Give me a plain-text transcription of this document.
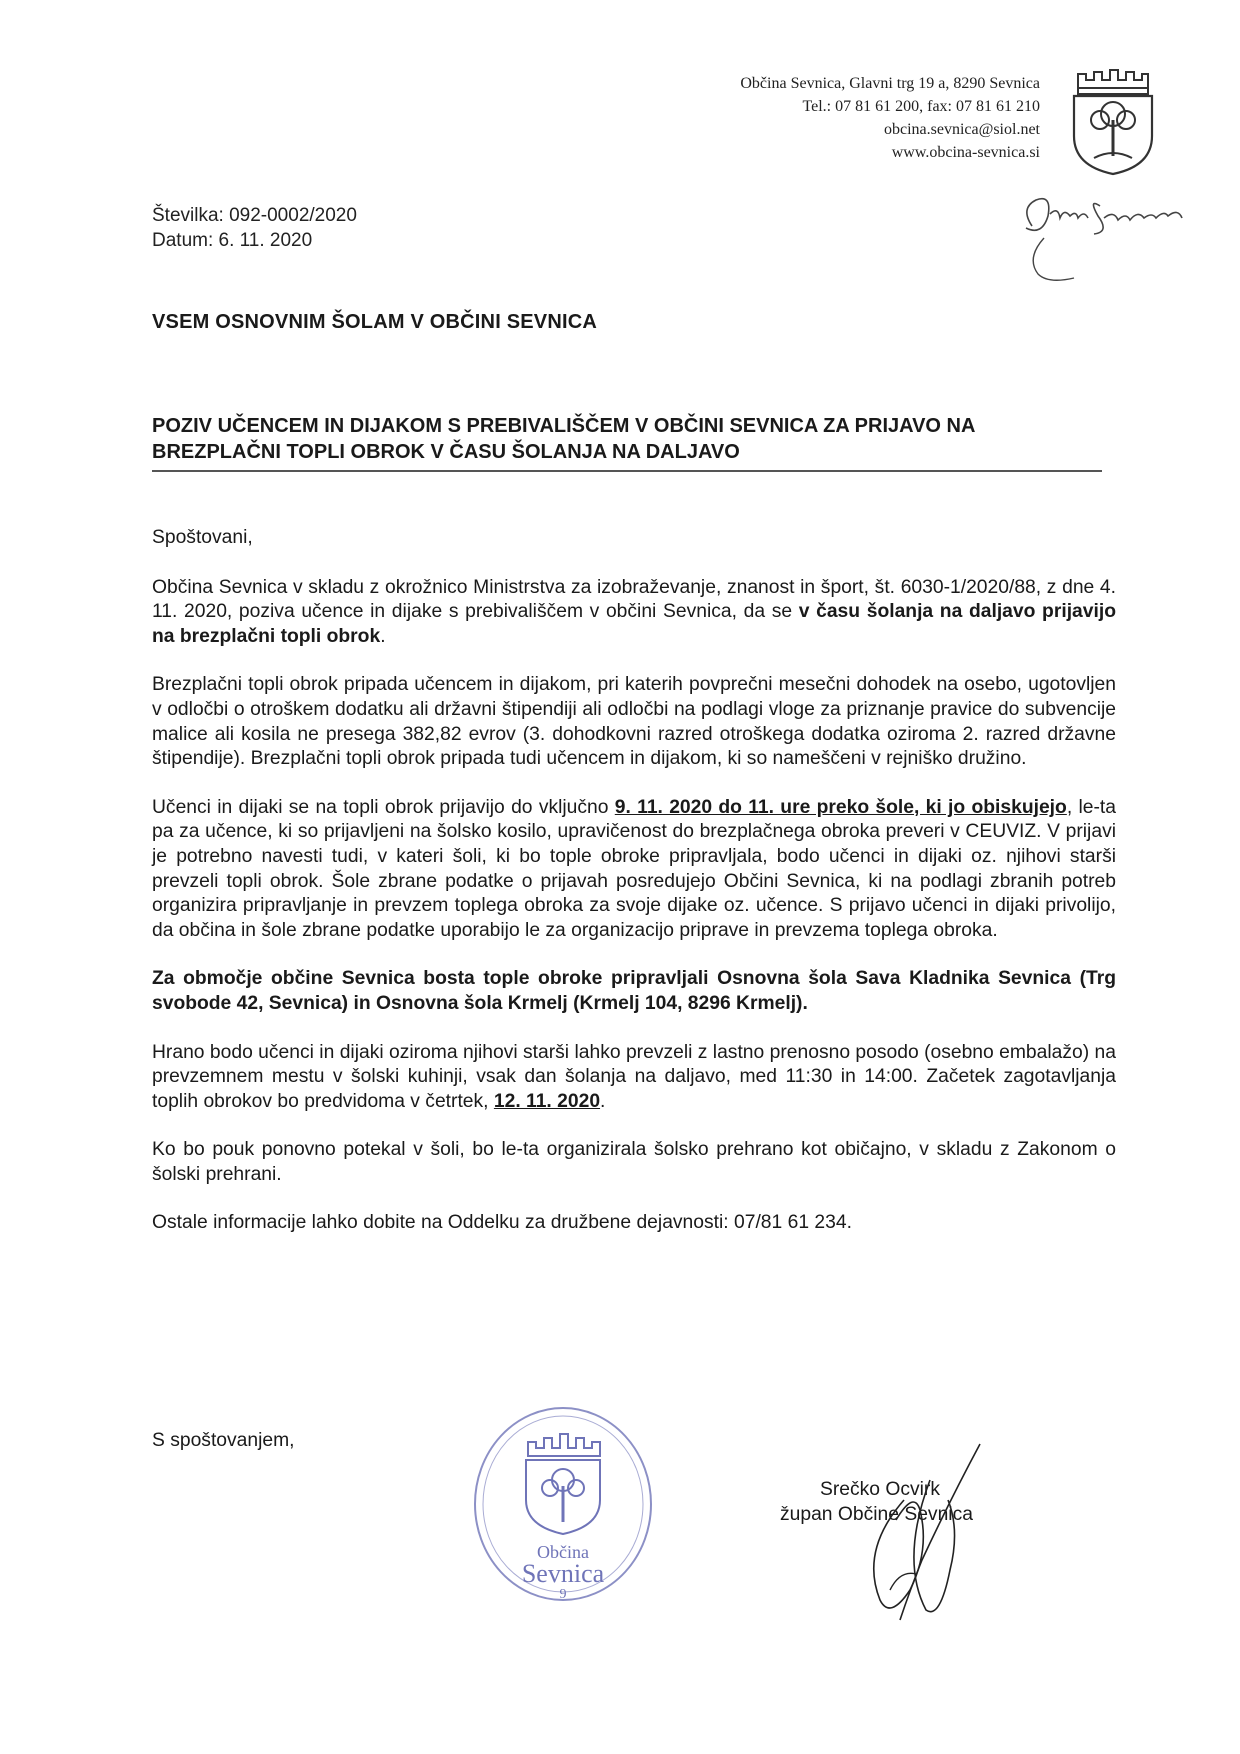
Občina Sevnica, Glavni trg 19 a, 8290 Sevnica
Tel.: 07 81 61 200, fax: 07 81 61 210
obcina.sevnica@siol.net
www.obcina-sevnica.si
Številka: 092-0002/2020
Datum: 6. 11. 2020
VSEM OSNOVNIM ŠOLAM V OBČINI SEVNICA
POZIV UČENCEM IN DIJAKOM S PREBIVALIŠČEM V OBČINI SEVNICA ZA PRIJAVO NA
BREZPLAČNI TOPLI OBROK V ČASU ŠOLANJA NA DALJAVO

Spoštovani,

Občina Sevnica v skladu z okrožnico Ministrstva za izobraževanje, znanost in šport, št. 6030-1/2020/88, z dne 4. 11. 2020, poziva učence in dijake s prebivališčem v občini Sevnica, da se v času šolanja na daljavo prijavijo na brezplačni topli obrok.

Brezplačni topli obrok pripada učencem in dijakom, pri katerih povprečni mesečni dohodek na osebo, ugotovljen v odločbi o otroškem dodatku ali državni štipendiji ali odločbi na podlagi vloge za priznanje pravice do subvencije malice ali kosila ne presega 382,82 evrov (3. dohodkovni razred otroškega dodatka oziroma 2. razred državne štipendije). Brezplačni topli obrok pripada tudi učencem in dijakom, ki so nameščeni v rejniško družino.

Učenci in dijaki se na topli obrok prijavijo do vključno 9. 11. 2020 do 11. ure preko šole, ki jo obiskujejo, le-ta pa za učence, ki so prijavljeni na šolsko kosilo, upravičenost do brezplačnega obroka preveri v CEUVIZ. V prijavi je potrebno navesti tudi, v kateri šoli, ki bo tople obroke pripravljala, bodo učenci in dijaki oz. njihovi starši prevzeli topli obrok. Šole zbrane podatke o prijavah posredujejo Občini Sevnica, ki na podlagi zbranih potreb organizira pripravljanje in prevzem toplega obroka za svoje dijake oz. učence. S prijavo učenci in dijaki privolijo, da občina in šole zbrane podatke uporabijo le za organizacijo priprave in prevzema toplega obroka.

Za območje občine Sevnica bosta tople obroke pripravljali Osnovna šola Sava Kladnika Sevnica (Trg svobode 42, Sevnica) in Osnovna šola Krmelj (Krmelj 104, 8296 Krmelj).

Hrano bodo učenci in dijaki oziroma njihovi starši lahko prevzeli z lastno prenosno posodo (osebno embalažo) na prevzemnem mestu v šolski kuhinji, vsak dan šolanja na daljavo, med 11:30 in 14:00. Začetek zagotavljanja toplih obrokov bo predvidoma v četrtek, 12. 11. 2020.

Ko bo pouk ponovno potekal v šoli, bo le-ta organizirala šolsko prehrano kot običajno, v skladu z Zakonom o šolski prehrani.

Ostale informacije lahko dobite na Oddelku za družbene dejavnosti: 07/81 61 234.

S spoštovanjem,
Občina
Sevnica
9
Srečko Ocvirk
župan Občine Sevnica
